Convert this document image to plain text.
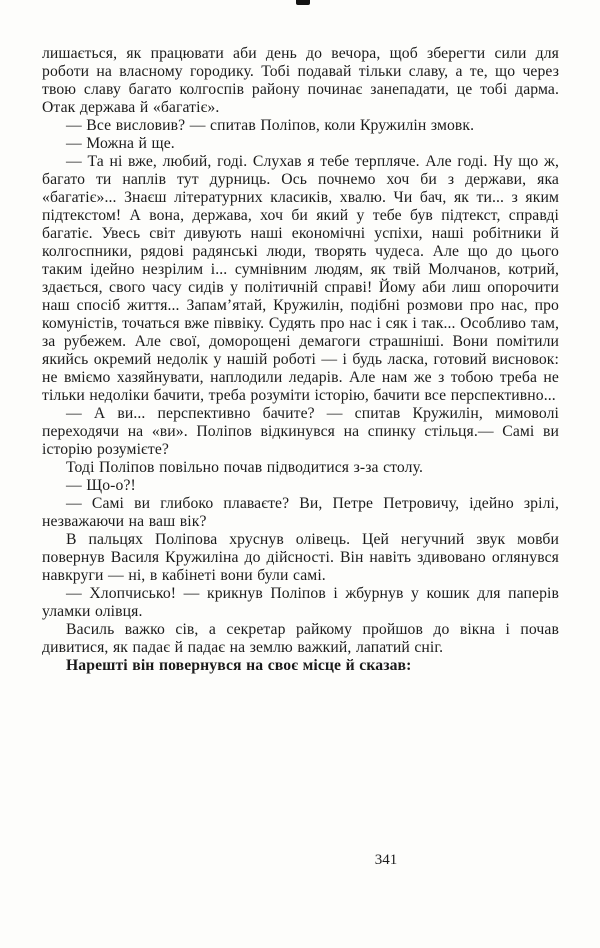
лишається, як працювати аби день до вечора, щоб зберегти сили для роботи на власному городику. Тобі подавай тільки славу, а те, що через твою славу багато колгоспів району починає занепадати, це тобі дарма. Отак держава й «багатіє».

— Все висловив? — спитав Поліпов, коли Кружилін змовк.

— Можна й ще.

— Та ні вже, любий, годі. Слухав я тебе терпляче. Але годі. Ну що ж, багато ти наплів тут дурниць. Ось почнемо хоч би з держави, яка «багатіє»... Знаєш літературних класиків, хвалю. Чи бач, як ти... з яким підтекстом! А вона, держава, хоч би який у тебе був підтекст, справді багатіє. Увесь світ дивують наші економічні успіхи, наші робітники й колгоспники, рядові радянські люди, творять чудеса. Але що до цього таким ідейно незрілим і... сумнівним людям, як твій Молчанов, котрий, здається, свого часу сидів у політичній справі! Йому аби лиш опорочити наш спосіб життя... Запам’ятай, Кружилін, подібні розмови про нас, про комуністів, точаться вже піввіку. Судять про нас і сяк і так... Особливо там, за рубежем. Але свої, доморощені демагоги страшніші. Вони помітили якийсь окремий недолік у нашій роботі — і будь ласка, готовий висновок: не вміємо хазяйнувати, наплодили ледарів. Але нам же з тобою треба не тільки недоліки бачити, треба розуміти історію, бачити все перспективно...

— А ви... перспективно бачите? — спитав Кружилін, мимоволі переходячи на «ви». Поліпов відкинувся на спинку стільця.— Самі ви історію розумієте?

Тоді Поліпов повільно почав підводитися з-за столу.

— Що-о?!

— Самі ви глибоко плаваєте? Ви, Петре Петровичу, ідейно зрілі, незважаючи на ваш вік?

В пальцях Поліпова хруснув олівець. Цей негучний звук мовби повернув Василя Кружиліна до дійсності. Він навіть здивовано оглянувся навкруги — ні, в кабінеті вони були самі.

— Хлопчисько! — крикнув Поліпов і жбурнув у кошик для паперів уламки олівця.

Василь важко сів, а секретар райкому пройшов до вікна і почав дивитися, як падає й падає на землю важкий, лапатий сніг.

Нарешті він повернувся на своє місце й сказав:

341
